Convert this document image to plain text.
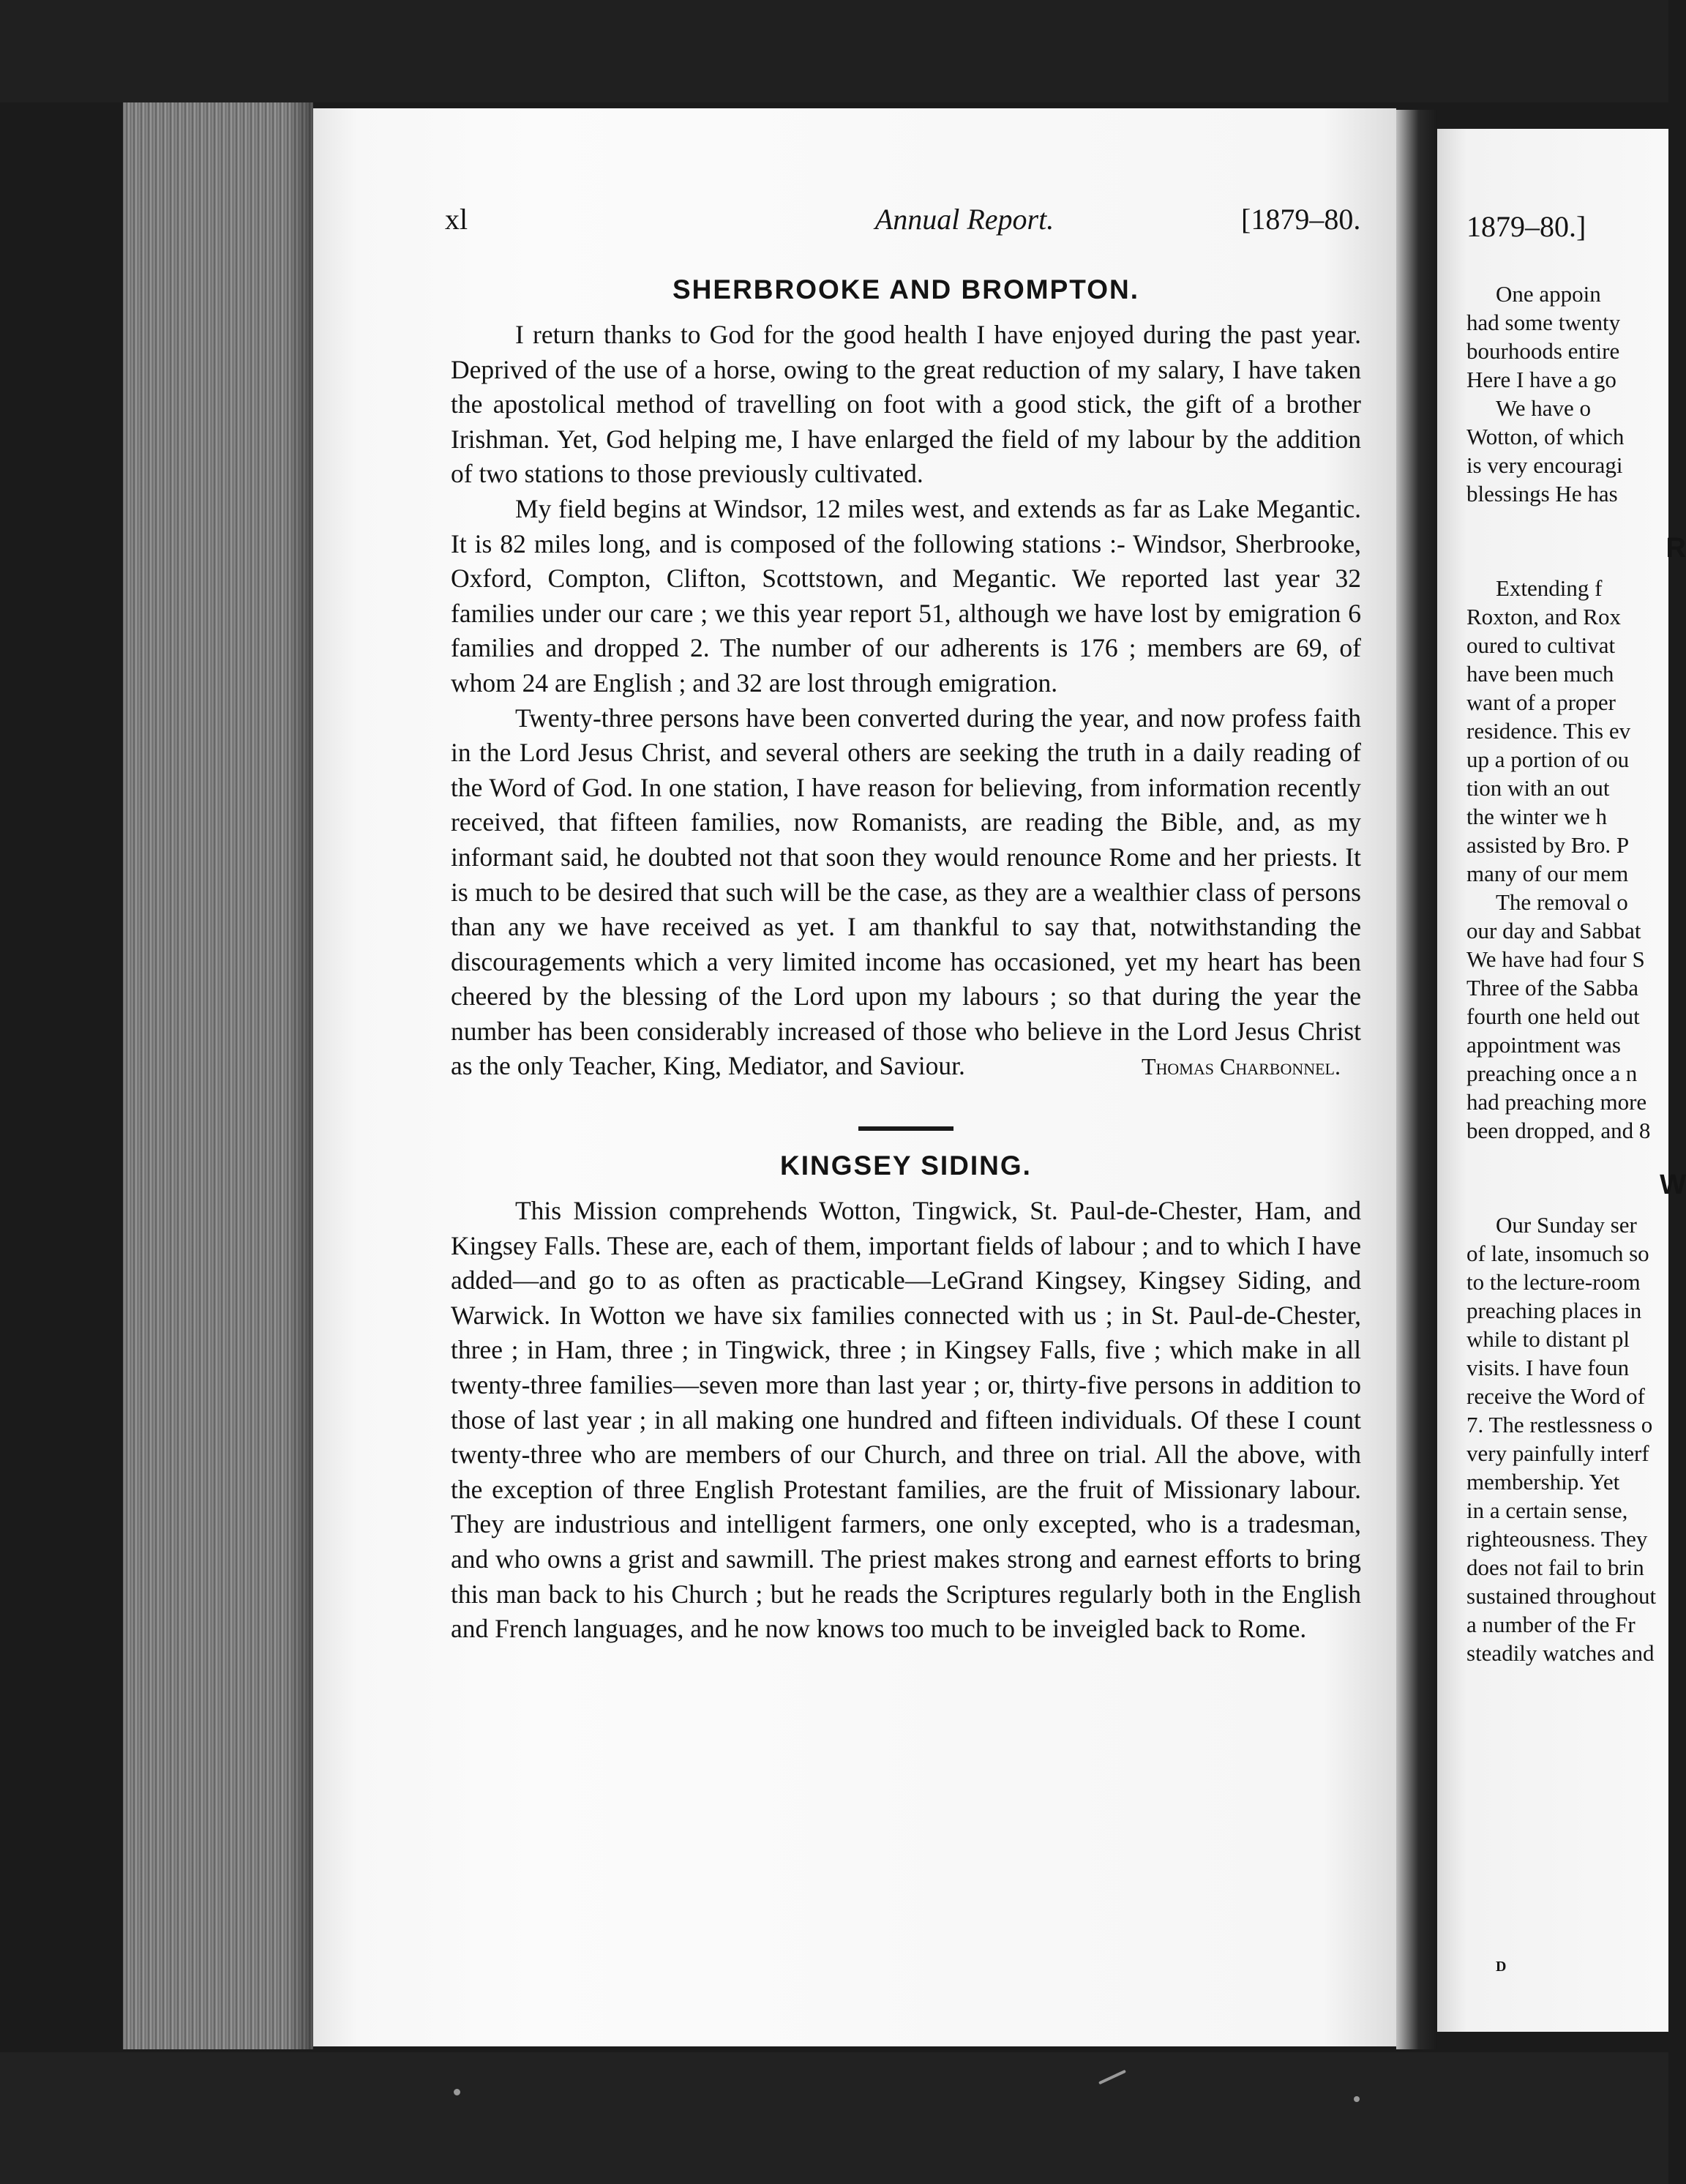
xl	Annual Report.	[1879–80.
SHERBROOKE AND BROMPTON.

I return thanks to God for the good health I have enjoyed during the past year. Deprived of the use of a horse, owing to the great reduction of my salary, I have taken the apostolical method of travelling on foot with a good stick, the gift of a brother Irishman. Yet, God helping me, I have enlarged the field of my labour by the addition of two stations to those previously cultivated.

My field begins at Windsor, 12 miles west, and extends as far as Lake Megantic. It is 82 miles long, and is composed of the following stations :- Windsor, Sherbrooke, Oxford, Compton, Clifton, Scottstown, and Megantic. We reported last year 32 families under our care ; we this year report 51, although we have lost by emigration 6 families and dropped 2. The number of our adherents is 176 ; members are 69, of whom 24 are English ; and 32 are lost through emigration.

Twenty-three persons have been converted during the year, and now profess faith in the Lord Jesus Christ, and several others are seeking the truth in a daily reading of the Word of God. In one station, I have reason for believing, from information recently received, that fifteen families, now Romanists, are reading the Bible, and, as my informant said, he doubted not that soon they would renounce Rome and her priests. It is much to be desired that such will be the case, as they are a wealthier class of persons than any we have received as yet. I am thankful to say that, notwithstanding the discouragements which a very limited income has occasioned, yet my heart has been cheered by the blessing of the Lord upon my labours ; so that during the year the number has been considerably increased of those who believe in the Lord Jesus Christ as the only Teacher, King, Mediator, and Saviour.	Thomas Charbonnel.
KINGSEY SIDING.

This Mission comprehends Wotton, Tingwick, St. Paul-de-Chester, Ham, and Kingsey Falls. These are, each of them, important fields of labour ; and to which I have added—and go to as often as practicable—LeGrand Kingsey, Kingsey Siding, and Warwick. In Wotton we have six families connected with us ; in St. Paul-de-Chester, three ; in Ham, three ; in Tingwick, three ; in Kingsey Falls, five ; which make in all twenty-three families—seven more than last year ; or, thirty-five persons in addition to those of last year ; in all making one hundred and fifteen individuals. Of these I count twenty-three who are members of our Church, and three on trial. All the above, with the exception of three English Protestant families, are the fruit of Missionary labour. They are industrious and intelligent farmers, one only excepted, who is a tradesman, and who owns a grist and sawmill. The priest makes strong and earnest efforts to bring this man back to his Church ; but he reads the Scriptures regularly both in the English and French languages, and he now knows too much to be inveigled back to Rome.

1879–80.]
One appoin
had some twenty
bourhoods entire
Here I have a go
We have o
Wotton, of which
is very encouragi
blessings He has
R
Extending f
Roxton, and Rox
oured to cultivat
have been much
want of a proper
residence. This ev
up a portion of ou
tion with an out
the winter we h
assisted by Bro. P
many of our mem
The removal o
our day and Sabbat
We have had four S
Three of the Sabba
fourth one held out
appointment was
preaching once a n
had preaching more
been dropped, and 8
W
Our Sunday ser
of late, insomuch so
to the lecture-room
preaching places in
while to distant pl
visits. I have foun
receive the Word of
7. The restlessness o
very painfully interf
membership. Yet
in a certain sense,
righteousness. They
does not fail to brin
sustained throughout
a number of the Fr
steadily watches and
D
